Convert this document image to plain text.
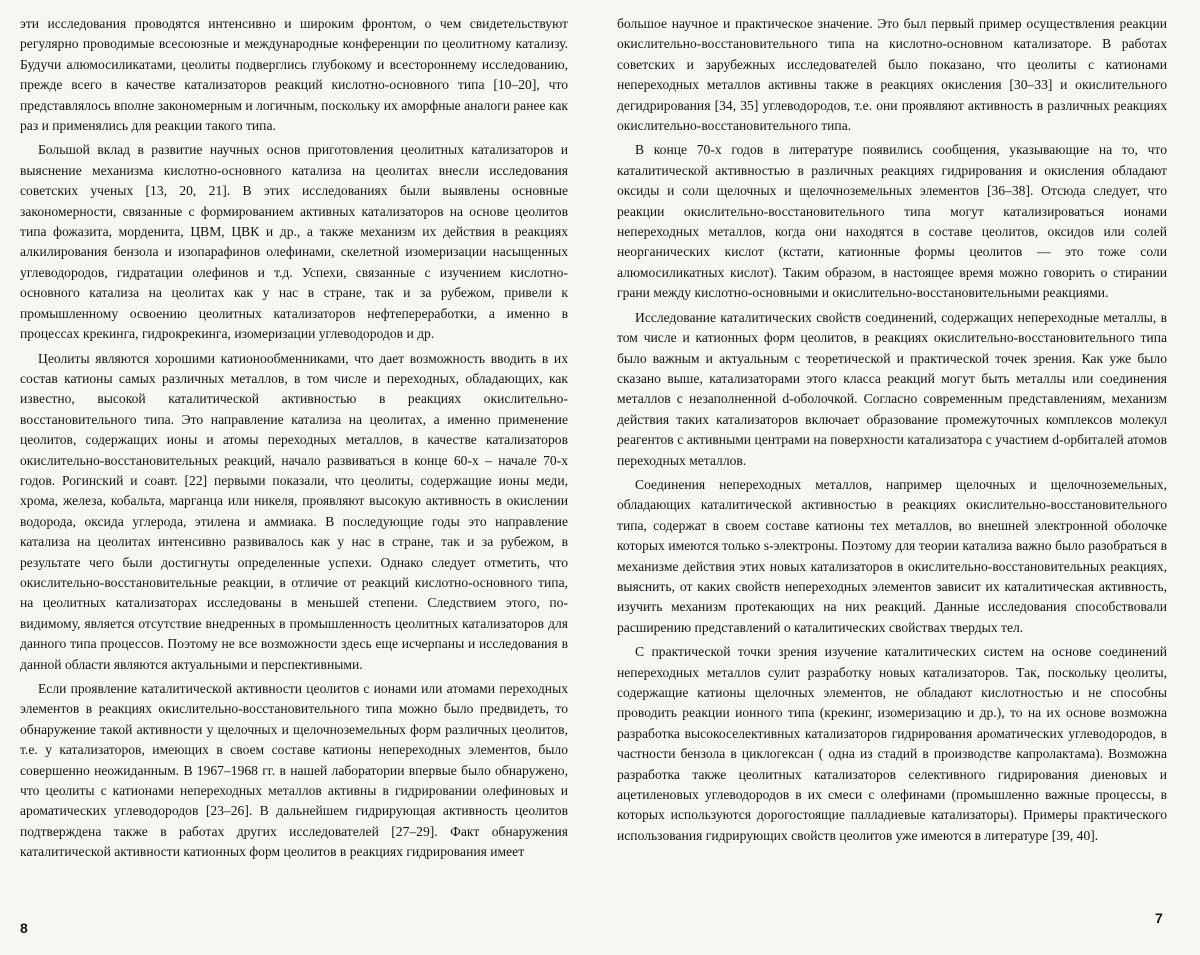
эти исследования проводятся интенсивно и широким фронтом, о чем свидетельствуют регулярно проводимые всесоюзные и международные конференции по цеолитному катализу. Будучи алюмосиликатами, цеолиты подверглись глубокому и всестороннему исследованию, прежде всего в качестве катализаторов реакций кислотно-основного типа [10–20], что представлялось вполне закономерным и логичным, поскольку их аморфные аналоги ранее как раз и применялись для реакции такого типа.

Большой вклад в развитие научных основ приготовления цеолитных катализаторов и выяснение механизма кислотно-основного катализа на цеолитах внесли исследования советских ученых [13, 20, 21]. В этих исследованиях были выявлены основные закономерности, связанные с формированием активных катализаторов на основе цеолитов типа фожазита, морденита, ЦВМ, ЦВК и др., а также механизм их действия в реакциях алкилирования бензола и изопарафинов олефинами, скелетной изомеризации насыщенных углеводородов, гидратации олефинов и т.д. Успехи, связанные с изучением кислотно-основного катализа на цеолитах как у нас в стране, так и за рубежом, привели к промышленному освоению цеолитных катализаторов нефтепереработки, а именно в процессах крекинга, гидрокрекинга, изомеризации углеводородов и др.

Цеолиты являются хорошими катионообменниками, что дает возможность вводить в их состав катионы самых различных металлов, в том числе и переходных, обладающих, как известно, высокой каталитической активностью в реакциях окислительно-восстановительного типа. Это направление катализа на цеолитах, а именно применение цеолитов, содержащих ионы и атомы переходных металлов, в качестве катализаторов окислительно-восстановительных реакций, начало развиваться в конце 60-х – начале 70-х годов. Рогинский и соавт. [22] первыми показали, что цеолиты, содержащие ионы меди, хрома, железа, кобальта, марганца или никеля, проявляют высокую активность в окислении водорода, оксида углерода, этилена и аммиака. В последующие годы это направление катализа на цеолитах интенсивно развивалось как у нас в стране, так и за рубежом, в результате чего были достигнуты определенные успехи. Однако следует отметить, что окислительно-восстановительные реакции, в отличие от реакций кислотно-основного типа, на цеолитных катализаторах исследованы в меньшей степени. Следствием этого, по-видимому, является отсутствие внедренных в промышленность цеолитных катализаторов для данного типа процессов. Поэтому не все возможности здесь еще исчерпаны и исследования в данной области являются актуальными и перспективными.

Если проявление каталитической активности цеолитов с ионами или атомами переходных элементов в реакциях окислительно-восстановительного типа можно было предвидеть, то обнаружение такой активности у щелочных и щелочноземельных форм различных цеолитов, т.е. у катализаторов, имеющих в своем составе катионы непереходных элементов, было совершенно неожиданным. В 1967–1968 гг. в нашей лаборатории впервые было обнаружено, что цеолиты с катионами непереходных металлов активны в гидрировании олефиновых и ароматических углеводородов [23–26]. В дальнейшем гидрирующая активность цеолитов подтверждена также в работах других исследователей [27–29]. Факт обнаружения каталитической активности катионных форм цеолитов в реакциях гидрирования имеет

8

большое научное и практическое значение. Это был первый пример осуществления реакции окислительно-восстановительного типа на кислотно-основном катализаторе. В работах советских и зарубежных исследователей было показано, что цеолиты с катионами непереходных металлов активны также в реакциях окисления [30–33] и окислительного дегидрирования [34, 35] углеводородов, т.е. они проявляют активность в различных реакциях окислительно-восстановительного типа.

В конце 70-х годов в литературе появились сообщения, указывающие на то, что каталитической активностью в различных реакциях гидрирования и окисления обладают оксиды и соли щелочных и щелочноземельных элементов [36–38]. Отсюда следует, что реакции окислительно-восстановительного типа могут катализироваться ионами непереходных металлов, когда они находятся в составе цеолитов, оксидов или солей неорганических кислот (кстати, катионные формы цеолитов — это тоже соли алюмосиликатных кислот). Таким образом, в настоящее время можно говорить о стирании грани между кислотно-основными и окислительно-восстановительными реакциями.

Исследование каталитических свойств соединений, содержащих непереходные металлы, в том числе и катионных форм цеолитов, в реакциях окислительно-восстановительного типа было важным и актуальным с теоретической и практической точек зрения. Как уже было сказано выше, катализаторами этого класса реакций могут быть металлы или соединения металлов с незаполненной d-оболочкой. Согласно современным представлениям, механизм действия таких катализаторов включает образование промежуточных комплексов молекул реагентов с активными центрами на поверхности катализатора с участием d-орбиталей атомов переходных металлов.

Соединения непереходных металлов, например щелочных и щелочноземельных, обладающих каталитической активностью в реакциях окислительно-восстановительного типа, содержат в своем составе катионы тех металлов, во внешней электронной оболочке которых имеются только s-электроны. Поэтому для теории катализа важно было разобраться в механизме действия этих новых катализаторов в окислительно-восстановительных реакциях, выяснить, от каких свойств непереходных элементов зависит их каталитическая активность, изучить механизм протекающих на них реакций. Данные исследования способствовали расширению представлений о каталитических свойствах твердых тел.

С практической точки зрения изучение каталитических систем на основе соединений непереходных металлов сулит разработку новых катализаторов. Так, поскольку цеолиты, содержащие катионы щелочных элементов, не обладают кислотностью и не способны проводить реакции ионного типа (крекинг, изомеризацию и др.), то на их основе возможна разработка высокоселективных катализаторов гидрирования ароматических углеводородов, в частности бензола в циклогексан ( одна из стадий в производстве капролактама). Возможна разработка также цеолитных катализаторов селективного гидрирования диеновых и ацетиленовых углеводородов в их смеси с олефинами (промышленно важные процессы, в которых используются дорогостоящие палладиевые катализаторы). Примеры практического использования гидрирующих свойств цеолитов уже имеются в литературе [39, 40].

7
